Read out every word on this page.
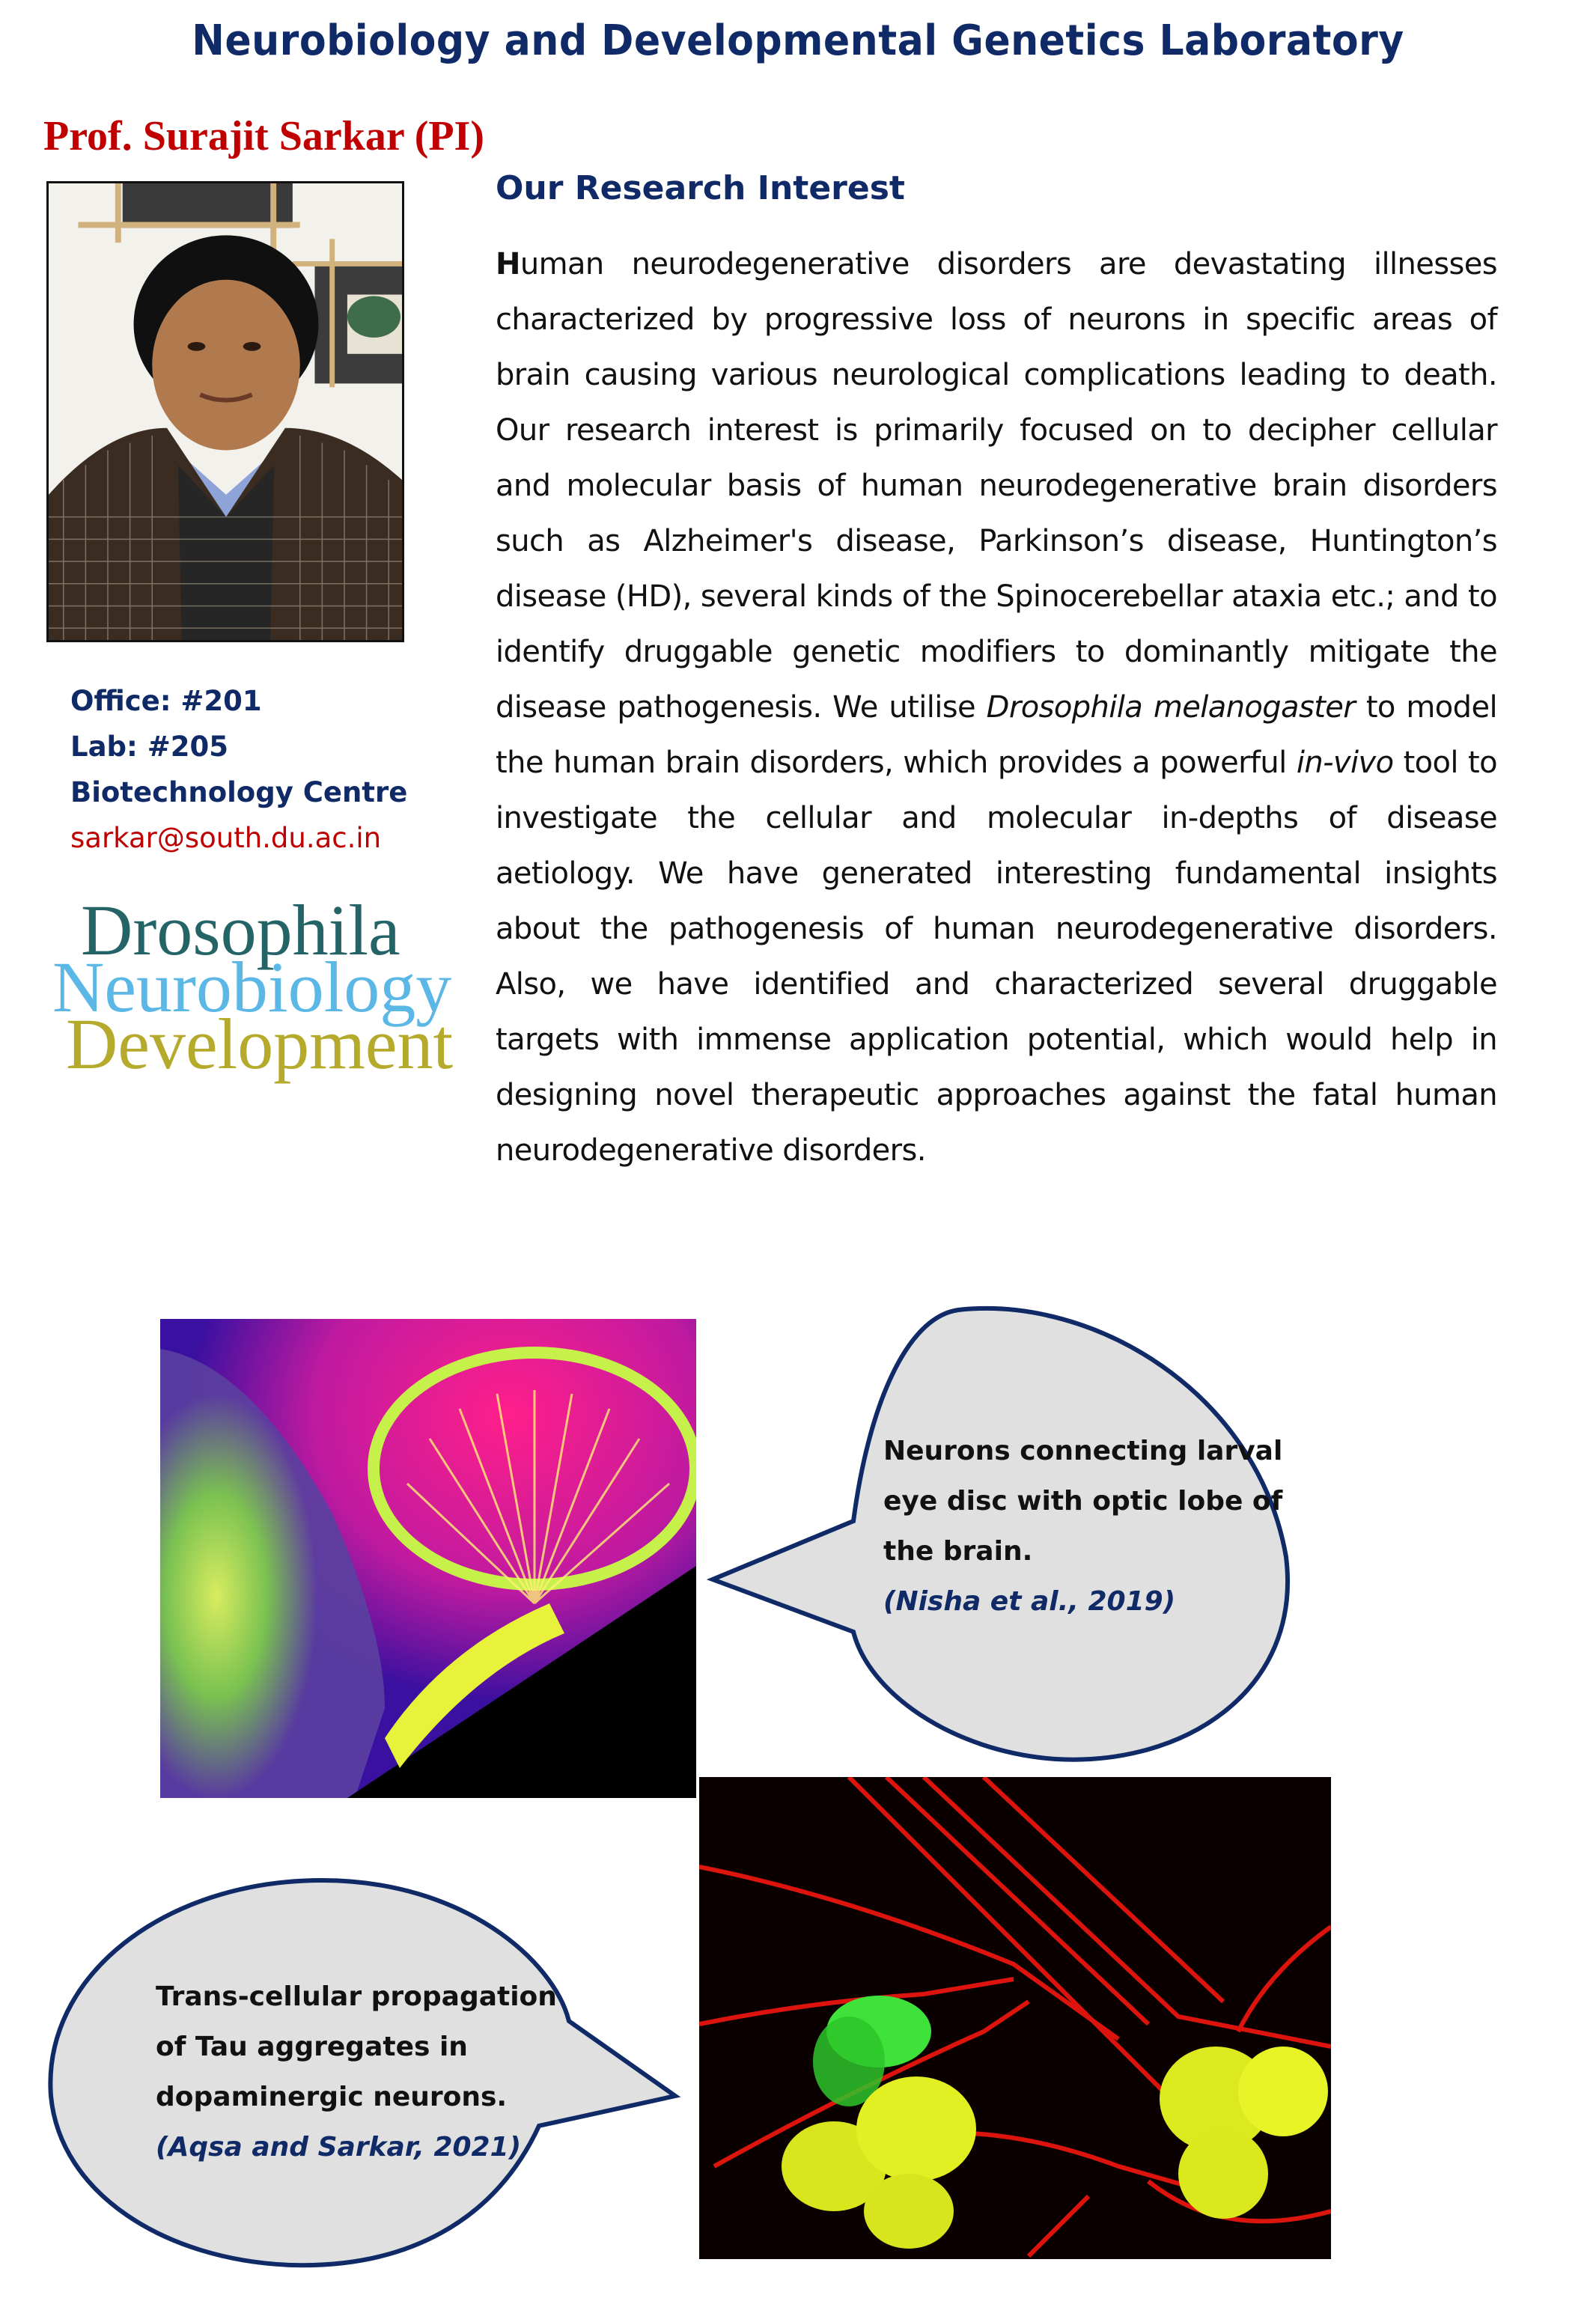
Neurobiology and Developmental Genetics Laboratory
Prof. Surajit Sarkar (PI)
Office: #201
Lab: #205
Biotechnology Centre
sarkar@south.du.ac.in
Drosophila
Neurobiology
Development
Our Research Interest
Human neurodegenerative disorders are devastating illnesses characterized by progressive loss of neurons in specific areas of brain causing various neurological complications leading to death. Our research interest is primarily focused on to decipher cellular and molecular basis of human neurodegenerative brain disorders such as Alzheimer's disease, Parkinson’s disease, Huntington’s disease (HD), several kinds of the Spinocerebellar ataxia etc.; and to identify druggable genetic modifiers to dominantly mitigate the disease pathogenesis. We utilise Drosophila melanogaster to model the human brain disorders, which provides a powerful in-vivo tool to investigate the cellular and molecular in-depths of disease aetiology. We have generated interesting fundamental insights about the pathogenesis of human neurodegenerative disorders. Also, we have identified and characterized several druggable targets with immense application potential, which would help in designing novel therapeutic approaches against the fatal human neurodegenerative disorders.
Neurons connecting larval
eye disc with optic lobe of
the brain.
(Nisha et al., 2019)
Trans-cellular propagation
of Tau aggregates in
dopaminergic neurons.
(Aqsa and Sarkar, 2021)
